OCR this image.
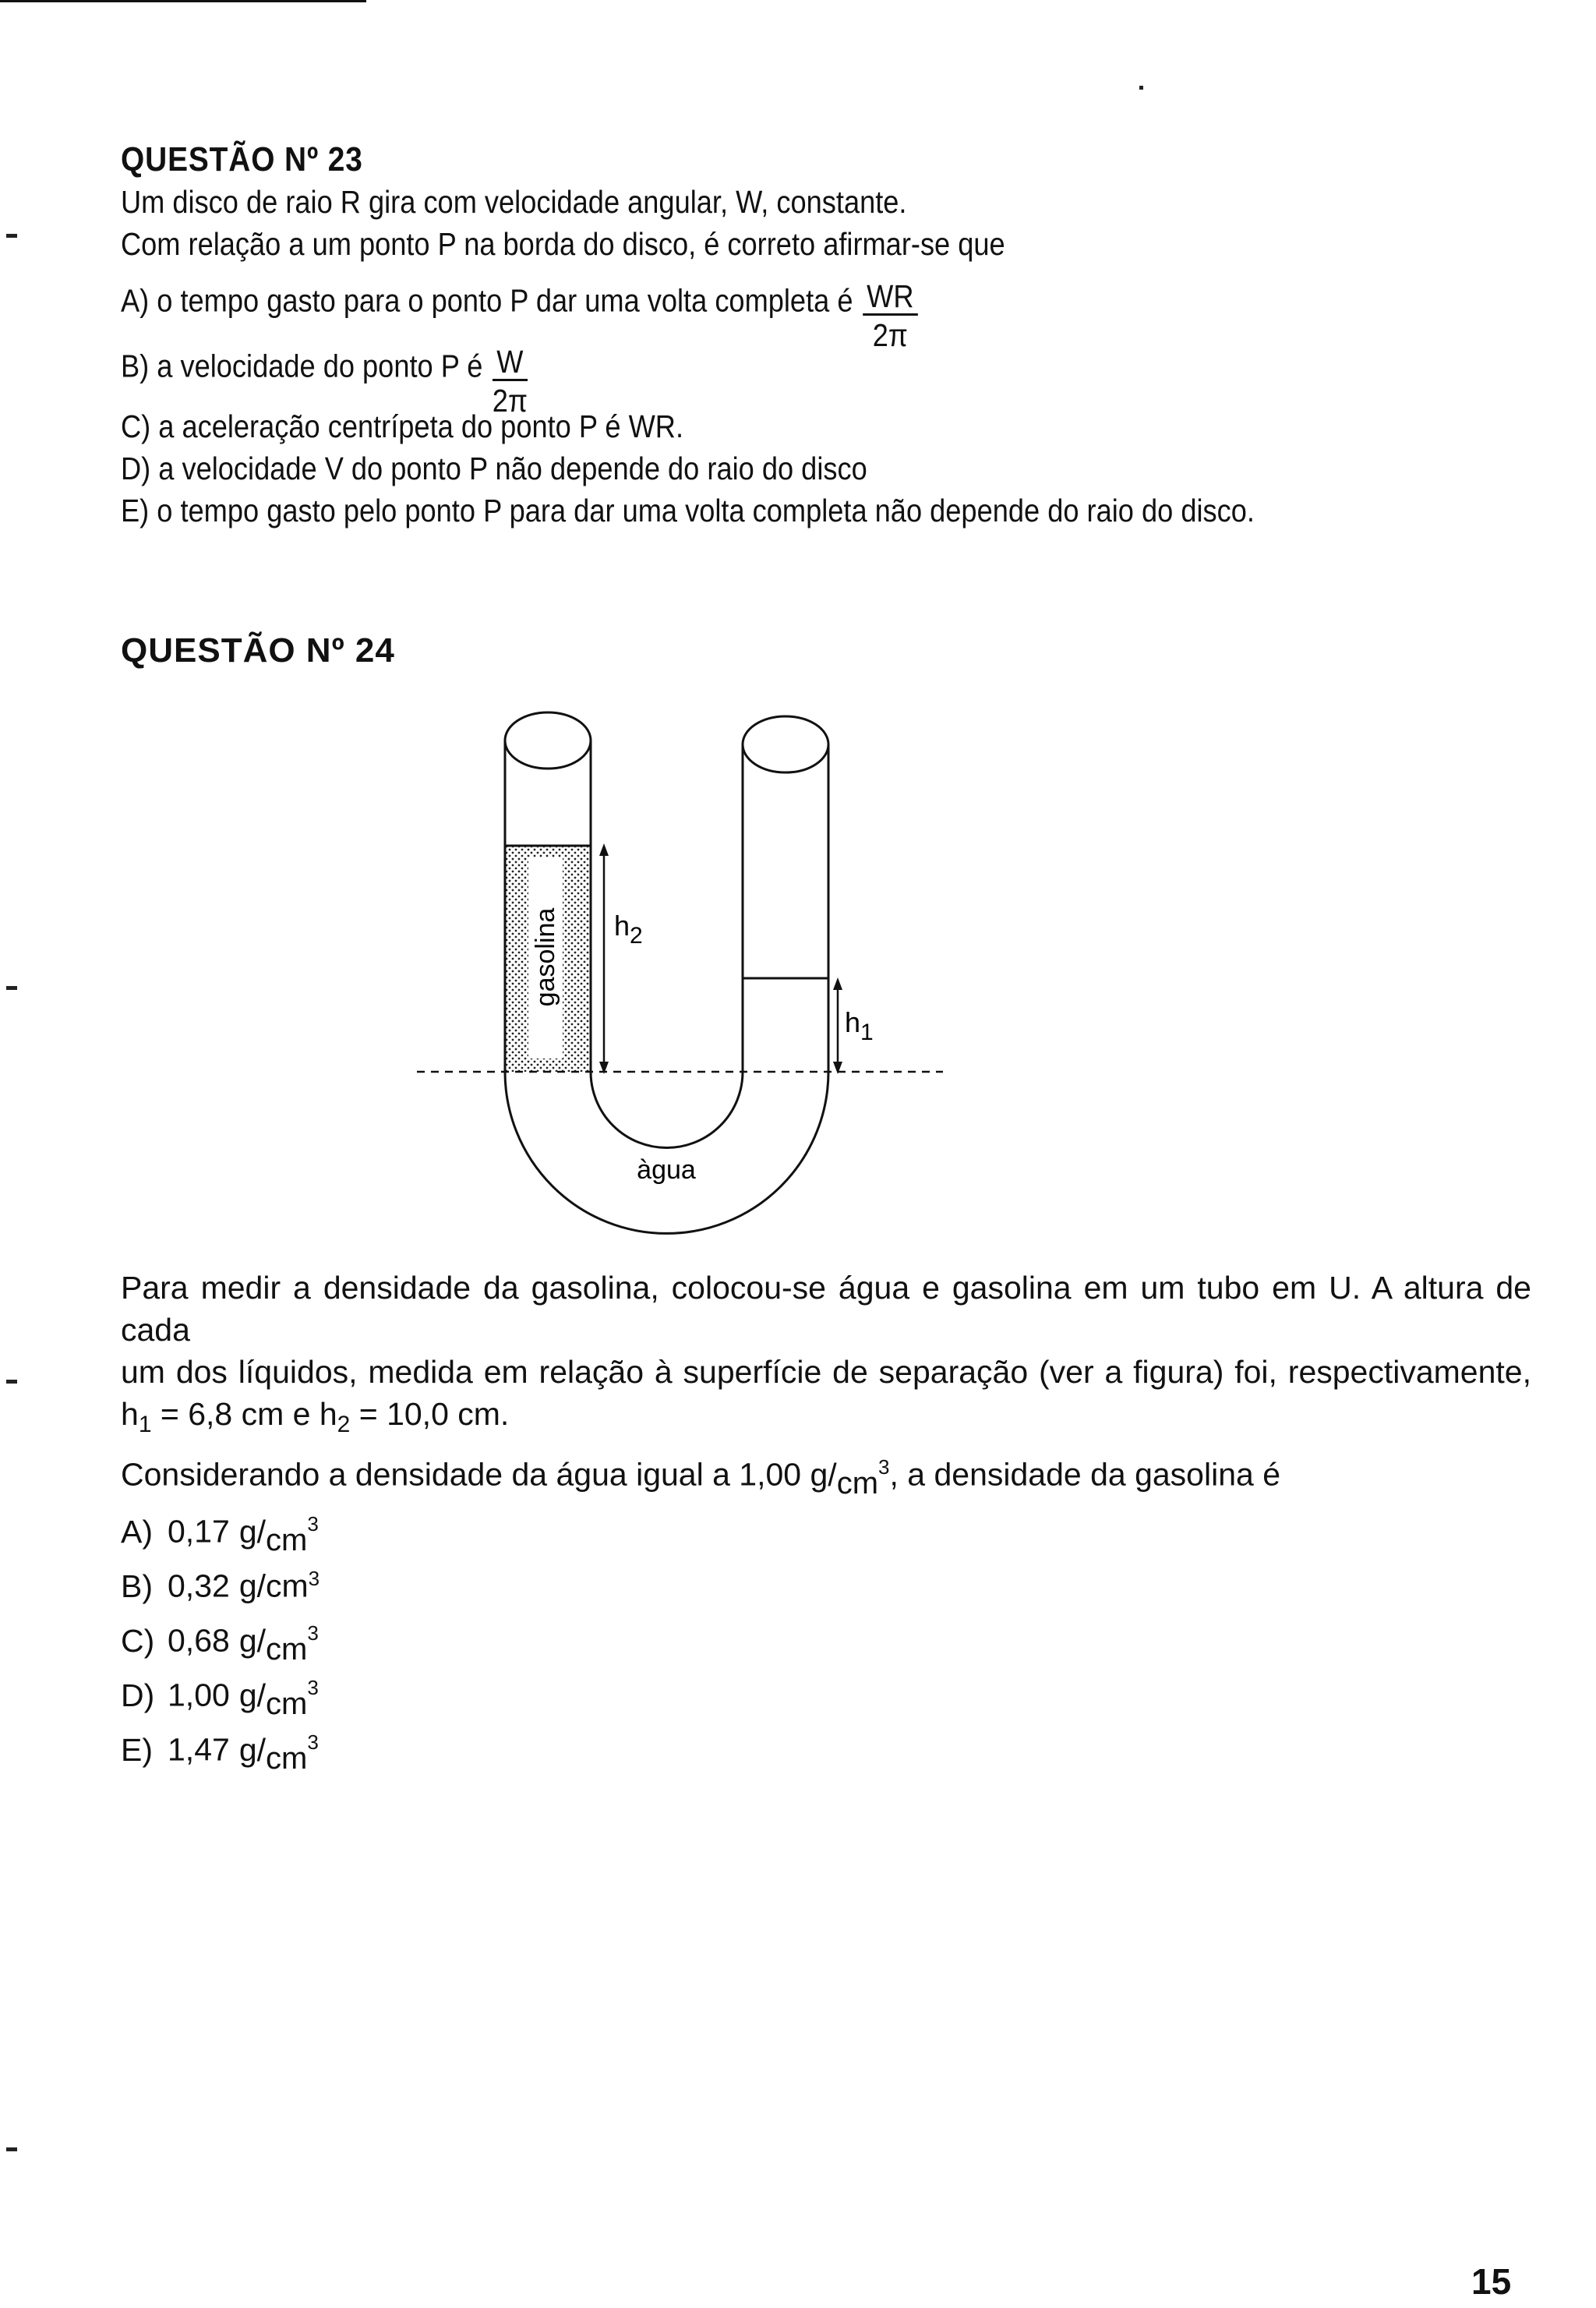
QUESTÃO Nº 23
Um disco de raio R gira com velocidade angular, W, constante.
Com relação a um ponto P na borda do disco, é correto afirmar-se que
A) o tempo gasto para o ponto P dar uma volta completa é $\frac{WR}{2\pi}$
B) a velocidade do ponto P é $\frac{W}{2\pi}$
C) a aceleração centrípeta do ponto P é WR.
D) a velocidade V do ponto P não depende do raio do disco
E) o tempo gasto pelo ponto P para dar uma volta completa não depende do raio do disco.
QUESTÃO Nº 24
gasolina $h_2$
$h_1$
àgua
Para medir a densidade da gasolina, colocou-se água e gasolina em um tubo em U. A altura de cada
um dos líquidos, medida em relação à superfície de separação (ver a figura) foi, respectivamente,
$h_1 = 6,8$ cm e $h_2 = 10,0$ cm.
Considerando a densidade da água igual a 1,00 $g/cm^3$, a densidade da gasolina é
A) 0,17 $g/cm^3$
B) 0,32 $g/cm^3$
C) 0,68 $g/cm^3$
D) 1,00 $g/cm^3$
E) 1,47 $g/cm^3$
15
